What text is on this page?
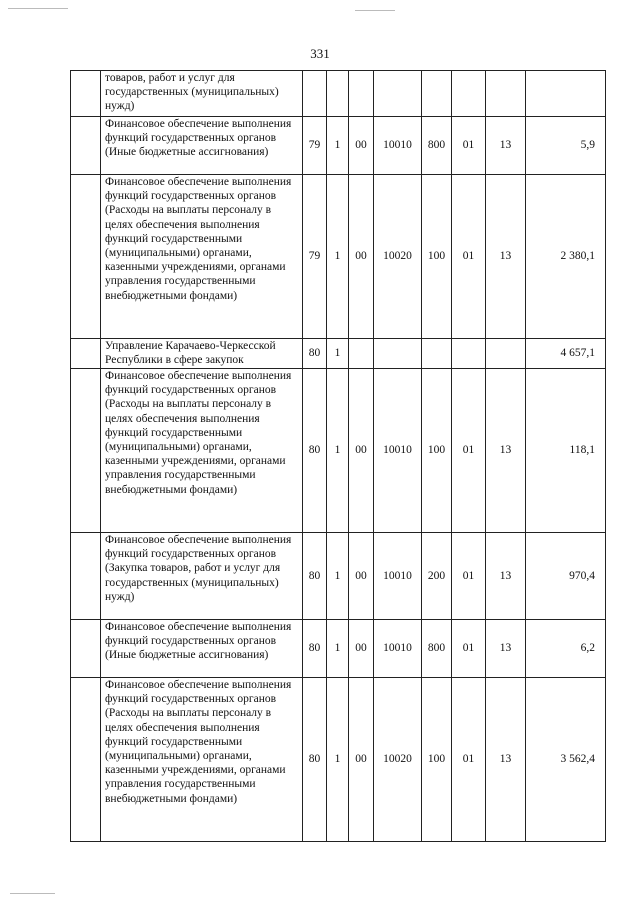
331
	товаров, работ и услуг для государственных (муниципальных) нужд)								
	Финансовое обеспечение выполнения функций государственных органов (Иные бюджетные ассигнования)	79	1	00	10010	800	01	13	5,9
	Финансовое обеспечение выполнения функций государственных органов (Расходы на выплаты персоналу в целях обеспечения выполнения функций государственными (муниципальными) органами, казенными учреждениями, органами управления государственными внебюджетными фондами)	79	1	00	10020	100	01	13	2 380,1
	Управление Карачаево-Черкесской Республики в сфере закупок	80	1						4 657,1
	Финансовое обеспечение выполнения функций государственных органов (Расходы на выплаты персоналу в целях обеспечения выполнения функций государственными (муниципальными) органами, казенными учреждениями, органами управления государственными внебюджетными фондами)	80	1	00	10010	100	01	13	118,1
	Финансовое обеспечение выполнения функций государственных органов (Закупка товаров, работ и услуг для государственных (муниципальных) нужд)	80	1	00	10010	200	01	13	970,4
	Финансовое обеспечение выполнения функций государственных органов (Иные бюджетные ассигнования)	80	1	00	10010	800	01	13	6,2
	Финансовое обеспечение выполнения функций государственных органов (Расходы на выплаты персоналу в целях обеспечения выполнения функций государственными (муниципальными) органами, казенными учреждениями, органами управления государственными внебюджетными фондами)	80	1	00	10020	100	01	13	3 562,4
